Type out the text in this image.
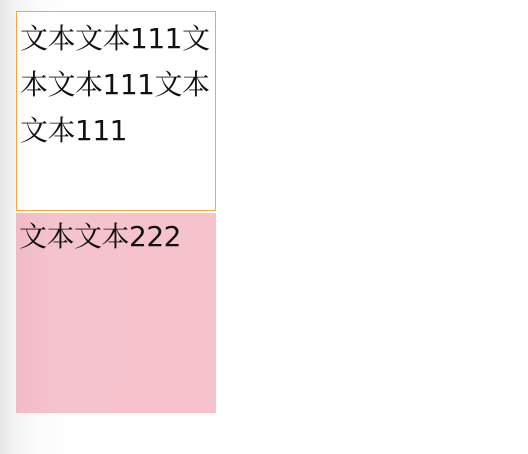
文本文本111文本文本111文本文本111
文本文本222
